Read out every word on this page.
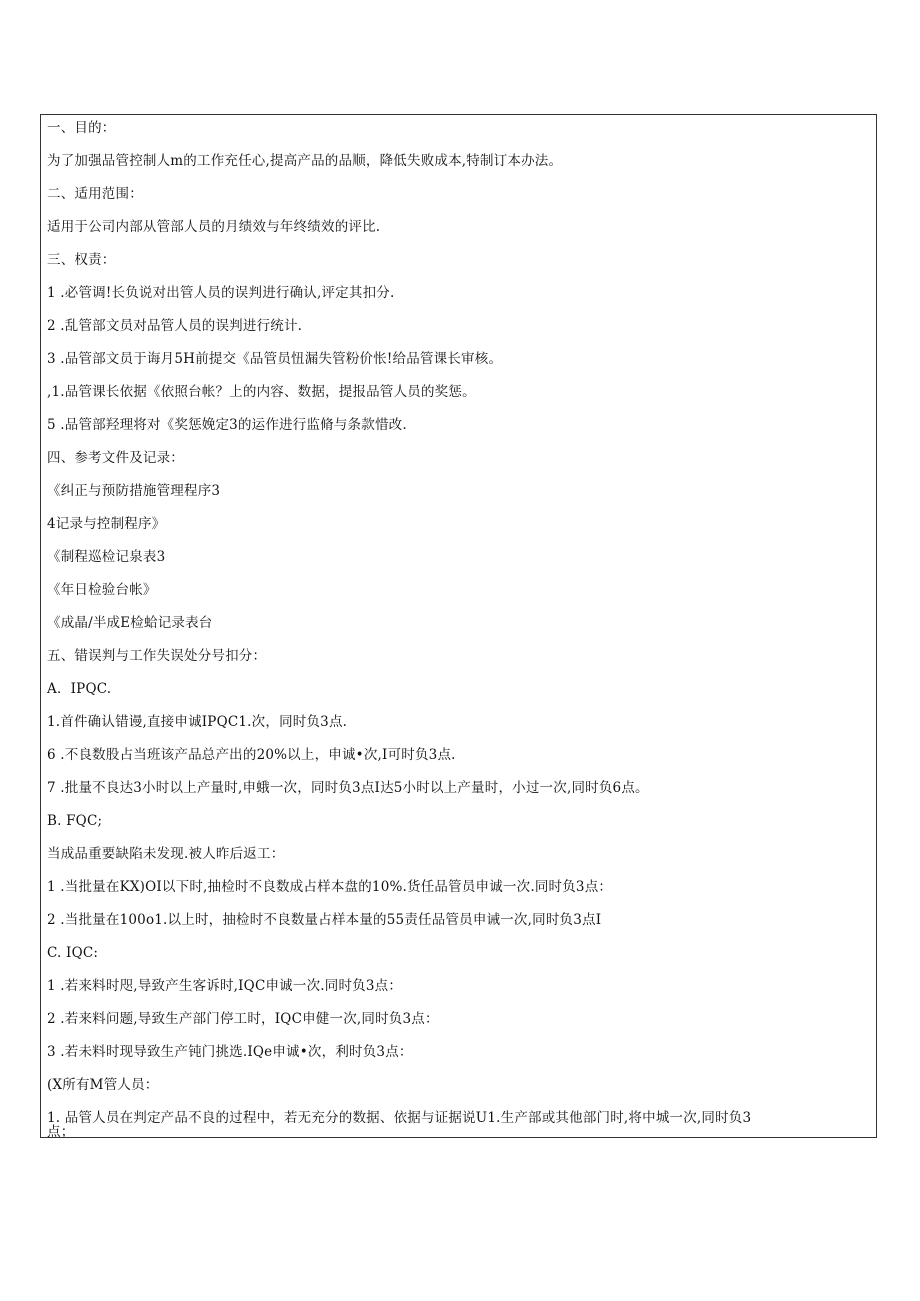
一、目的：
为了加强品管控制人m的工作充任心,提高产品的品顺，降低失败成本,特制订本办法。
二、适用范围：
适用于公司内部从管部人员的月绩效与年终绩效的评比.
三、权责：
1 .必管调!长负说对出管人员的误判进行确认,评定其扣分.
2 .乱管部文员对品管人员的误判进行统计.
3 .品管部文员于诲月5H前提交《品管员忸漏失管粉价怅!给品管课长审核。
,1.品管课长依据《依照台帐？上的内容、数据，提报品管人员的奖惩。
5 .品管部羟理将对《奖惩娩定3的运作进行监脩与条款惜改.
四、参考文件及记录：
《纠正与预防措施管理程序3
4记录与控制程序》
《制程巡检记泉表3
《年日检验台帐》
《成晶/半成E检蛤记录表台
五、错误判与工作失误处分号扣分：
A．IPQC.
1.首件确认错谩,直接申诚IPQC1.次，同时负3点.
6 .不良数股占当班该产品总产出的20%以上，申诚•次,I可时负3点.
7 .批量不良达3小时以上产量时,申蛾一次，同时负3点I达5小时以上产量时，小过一次,同时负6点。
B. FQC;
当成品重要缺陷未发现.被人昨后返工：
1 .当批量在KX)OI以下时,抽检时不良数成占样本盘的10%.货任品管员申诚一次.同时负3点：
2 .当批量在100o1.以上时，抽检时不良数量占样本量的55责任品管员申诫一次,同时负3点I
C. IQC:
1 .若来料时咫,导致产生客诉时,IQC申诚一次.同时负3点：
2 .若来料问题,导致生产部门停工时，IQC申健一次,同时负3点：
3 .若未料时现导致生产钝门挑选.IQe申诚•次，利时负3点：
(X所有M管人员：
1. 品管人员在判定产品不良的过程中，若无充分的数据、依据与证据说U1.生产部或其他部门时,将中城一次,同时负3
点；
